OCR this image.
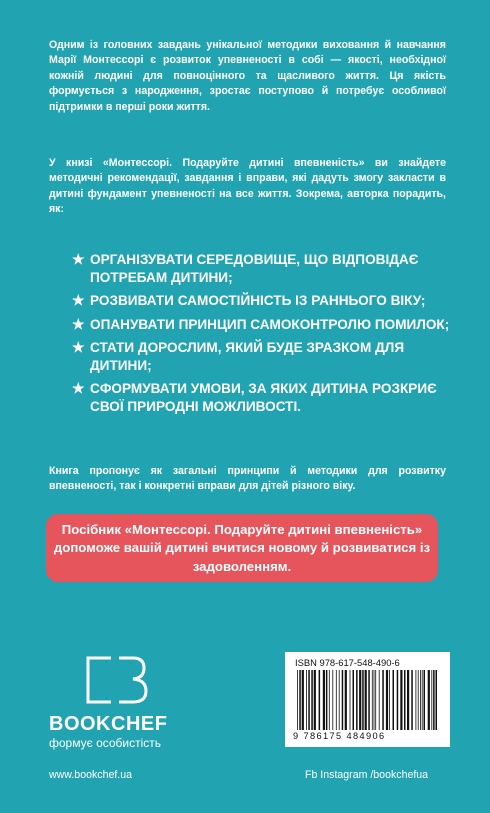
Одним із головних завдань унікальної методики виховання й навчання Марії Монтессорі є розвиток упевненості в собі — якості, необхідної кожній людині для повноцінного та щасливого життя. Ця якість формується з народження, зростає поступово й потребує особливої підтримки в перші роки життя.
У книзі «Монтессорі. Подаруйте дитині впевненість» ви знайдете методичні рекомендації, завдання і вправи, які дадуть змогу закласти в дитині фундамент упевненості на все життя. Зокрема, авторка порадить, як:
★ ОРГАНІЗУВАТИ СЕРЕДОВИЩЕ, ЩО ВІДПОВІДАЄ ПОТРЕБАМ ДИТИНИ;
★ РОЗВИВАТИ САМОСТІЙНІСТЬ ІЗ РАННЬОГО ВІКУ;
★ ОПАНУВАТИ ПРИНЦИП САМОКОНТРОЛЮ ПОМИЛОК;
★ СТАТИ ДОРОСЛИМ, ЯКИЙ БУДЕ ЗРАЗКОМ ДЛЯ ДИТИНИ;
★ СФОРМУВАТИ УМОВИ, ЗА ЯКИХ ДИТИНА РОЗКРИЄ СВОЇ ПРИРОДНІ МОЖЛИВОСТІ.
Книга пропонує як загальні принципи й методики для розвитку впевненості, так і конкретні вправи для дітей різного віку.
Посібник «Монтессорі. Подаруйте дитині впевненість» допоможе вашій дитині вчитися новому й розвиватися із задоволенням.
BOOKCHEF
формує особистість
ISBN 978-617-548-490-6
9 786175 484906
www.bookchef.ua	Fb Instagram /bookchefua
